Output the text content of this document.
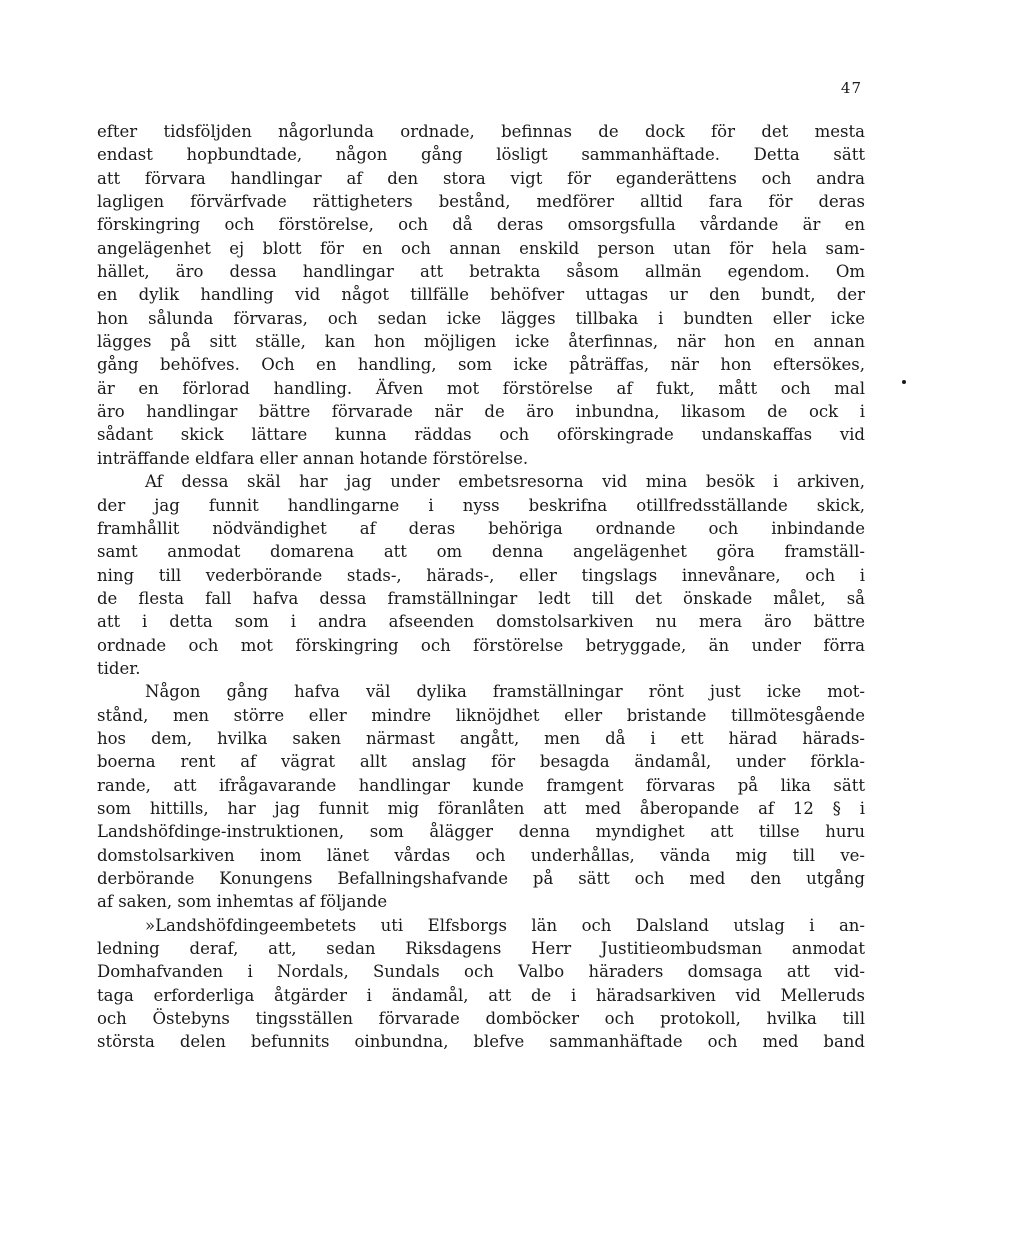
47
efter tidsföljden någorlunda ordnade, befinnas de dock för det mesta
endast hopbundtade, någon gång lösligt sammanhäftade. Detta sätt
att förvara handlingar af den stora vigt för eganderättens och andra
lagligen förvärfvade rättigheters bestånd, medförer alltid fara för deras
förskingring och förstörelse, och då deras omsorgsfulla vårdande är en
angelägenhet ej blott för en och annan enskild person utan för hela sam-
hället, äro dessa handlingar att betrakta såsom allmän egendom. Om
en dylik handling vid något tillfälle behöfver uttagas ur den bundt, der
hon sålunda förvaras, och sedan icke lägges tillbaka i bundten eller icke
lägges på sitt ställe, kan hon möjligen icke återfinnas, när hon en annan
gång behöfves. Och en handling, som icke påträffas, när hon eftersökes,
är en förlorad handling. Äfven mot förstörelse af fukt, mått och mal
äro handlingar bättre förvarade när de äro inbundna, likasom de ock i
sådant skick lättare kunna räddas och oförskingrade undanskaffas vid
inträffande eldfara eller annan hotande förstörelse.
Af dessa skäl har jag under embetsresorna vid mina besök i arkiven,
der jag funnit handlingarne i nyss beskrifna otillfredsställande skick,
framhållit nödvändighet af deras behöriga ordnande och inbindande
samt anmodat domarena att om denna angelägenhet göra framställ-
ning till vederbörande stads-, härads-, eller tingslags innevånare, och i
de flesta fall hafva dessa framställningar ledt till det önskade målet, så
att i detta som i andra afseenden domstolsarkiven nu mera äro bättre
ordnade och mot förskingring och förstörelse betryggade, än under förra
tider.
Någon gång hafva väl dylika framställningar rönt just icke mot-
stånd, men större eller mindre liknöjdhet eller bristande tillmötesgående
hos dem, hvilka saken närmast angått, men då i ett härad härads-
boerna rent af vägrat allt anslag för besagda ändamål, under förkla-
rande, att ifrågavarande handlingar kunde framgent förvaras på lika sätt
som hittills, har jag funnit mig föranlåten att med åberopande af 12 § i
Landshöfdinge-instruktionen, som ålägger denna myndighet att tillse huru
domstolsarkiven inom länet vårdas och underhållas, vända mig till ve-
derbörande Konungens Befallningshafvande på sätt och med den utgång
af saken, som inhemtas af följande
»Landshöfdingeembetets uti Elfsborgs län och Dalsland utslag i an-
ledning deraf, att, sedan Riksdagens Herr Justitieombudsman anmodat
Domhafvanden i Nordals, Sundals och Valbo häraders domsaga att vid-
taga erforderliga åtgärder i ändamål, att de i häradsarkiven vid Melleruds
och Östebyns tingsställen förvarade domböcker och protokoll, hvilka till
största delen befunnits oinbundna, blefve sammanhäftade och med band
